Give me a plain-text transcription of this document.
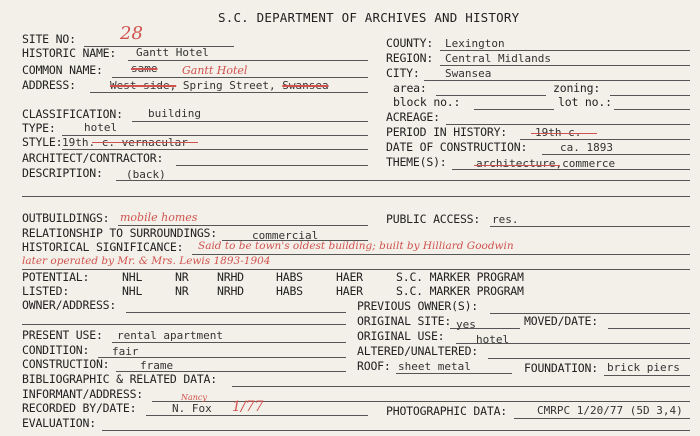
S.C. DEPARTMENT OF ARCHIVES AND HISTORY
SITE NO: 28
HISTORIC NAME: Gantt Hotel
COMMON NAME:	same Gantt Hotel
ADDRESS:	West side, Spring Street, Swansea
CLASSIFICATION: building
TYPE:	hotel
STYLE: 19th. c. vernacular
ARCHITECT/CONTRACTOR:
DESCRIPTION: (back)
COUNTY: Lexington
REGION: Central Midlands
CITY: Swansea
area:	zoning:
block no.:	lot no.:
ACREAGE:
PERIOD IN HISTORY:	19th c.
DATE OF CONSTRUCTION:	ca. 1893
THEME(S):	architecture,commerce
OUTBUILDINGS: mobile homes	PUBLIC ACCESS: res.
RELATIONSHIP TO SURROUNDINGS:	commercial
HISTORICAL SIGNIFICANCE: Said to be town's oldest building; built by Hilliard Goodwin
later operated by Mr. & Mrs. Lewis 1893-1904
POTENTIAL:	NHL	NR NRHD	HABS	HAER	S.C. MARKER PROGRAM
LISTED:	NHL	NR NRHD	HABS	HAER	S.C. MARKER PROGRAM
OWNER/ADDRESS:	PREVIOUS OWNER(S):
ORIGINAL SITE: yes	MOVED/DATE:
PRESENT USE: rental apartment	ORIGINAL USE:	hotel
CONDITION: fair	ALTERED/UNALTERED:
CONSTRUCTION:	frame	ROOF: sheet metal	FOUNDATION: brick piers
BIBLIOGRAPHIC & RELATED DATA:
INFORMANT/ADDRESS:
RECORDED BY/DATE:
Nancy
N. Fox 1/77	PHOTOGRAPHIC DATA:	CMRPC 1/20/77 (5D 3,4)
EVALUATION:
